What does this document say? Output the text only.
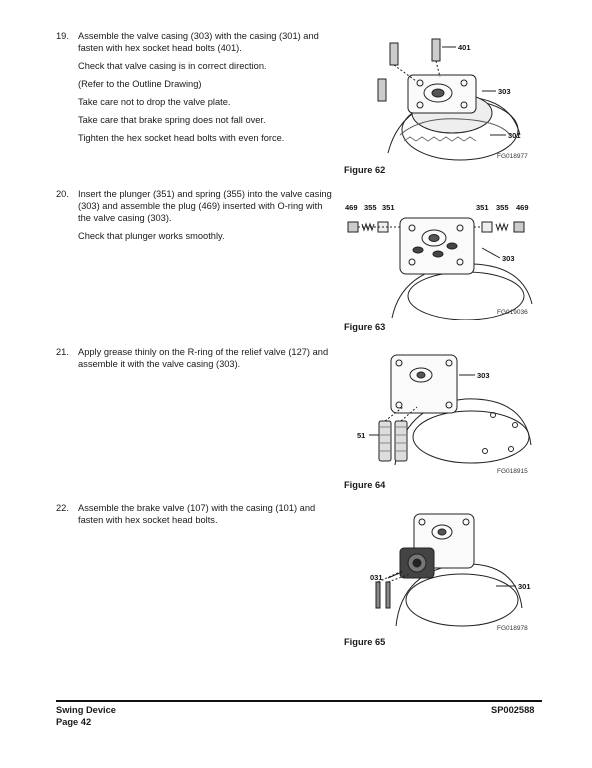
19. Assemble the valve casing (303) with the casing (301) and fasten with hex socket head bolts (401).

Check that valve casing is in correct direction.

(Refer to the Outline Drawing)

Take care not to drop the valve plate.

Take care that brake spring does not fall over.

Tighten the hex socket head bolts with even force.

401
303
301
FG018977
Figure 62
20. Insert the plunger (351) and spring (355) into the valve casing (303) and assemble the plug (469) inserted with O-ring with the valve casing (303).

Check that plunger works smoothly.

469 355 351	351 355 469
303
FG019036
Figure 63
21. Apply grease thinly on the R-ring of the relief valve (127) and assemble it with the valve casing (303).

303
51
FG018915
Figure 64
22. Assemble the brake valve (107) with the casing (101) and fasten with hex socket head bolts.

031
301
FG018978
Figure 65
Swing Device
Page 42
SP002588
